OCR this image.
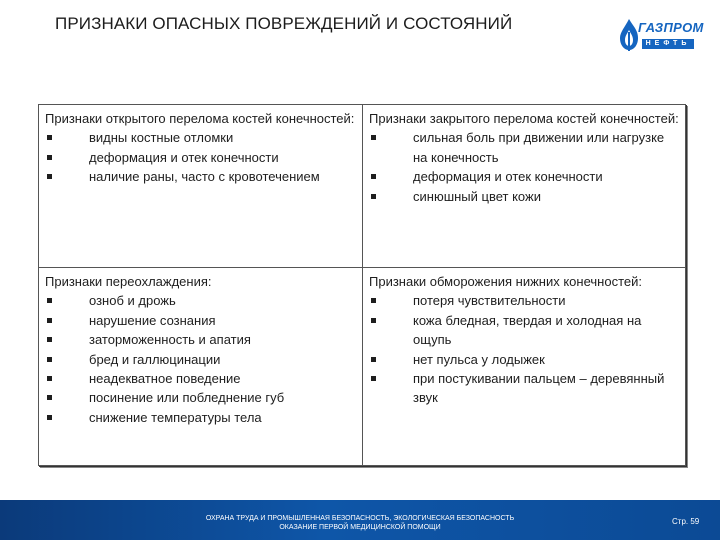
ПРИЗНАКИ ОПАСНЫХ ПОВРЕЖДЕНИЙ И СОСТОЯНИЙ	ГАЗПРОМ
НЕФТЬ

Признаки открытого перелома костей конечностей:

видны костные отломки
деформация и отек конечности
наличие раны, часто с кровотечением

Признаки закрытого перелома костей конечностей:

сильная боль при движении или нагрузке на конечность
деформация и отек конечности
синюшный цвет кожи

Признаки переохлаждения:

озноб и дрожь
нарушение сознания
заторможенность и апатия
бред и галлюцинации
неадекватное поведение
посинение или побледнение губ
снижение температуры тела

Признаки обморожения нижних конечностей:

потеря чувствительности
кожа бледная, твердая и холодная на ощупь
нет пульса у лодыжек
при постукивании пальцем – деревянный звук
ОХРАНА ТРУДА И ПРОМЫШЛЕННАЯ БЕЗОПАСНОСТЬ, ЭКОЛОГИЧЕСКАЯ БЕЗОПАСНОСТЬ
ОКАЗАНИЕ ПЕРВОЙ МЕДИЦИНСКОЙ ПОМОЩИ
Стр. 59
